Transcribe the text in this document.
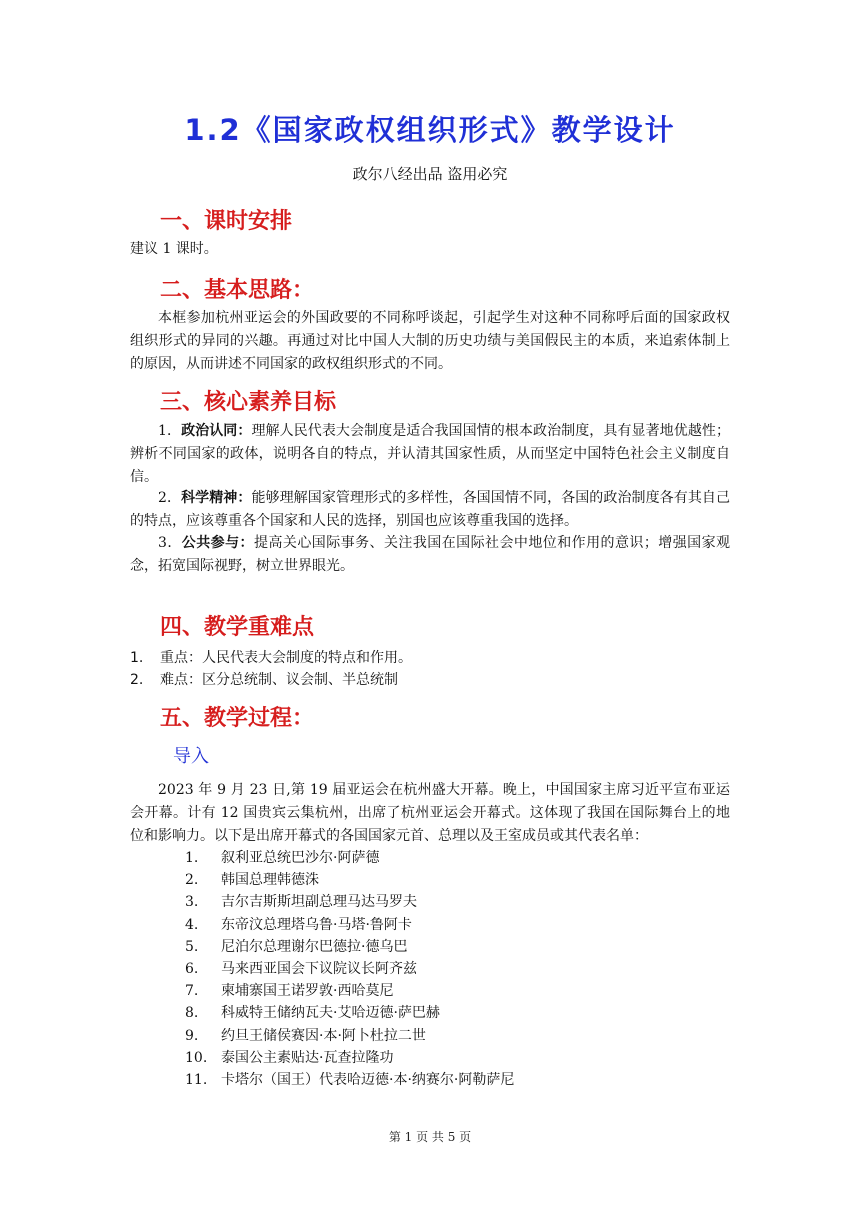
1.2《国家政权组织形式》教学设计
政尔八经出品 盗用必究
一、课时安排

建议 1 课时。

二、基本思路：

本框参加杭州亚运会的外国政要的不同称呼谈起，引起学生对这种不同称呼后面的国家政权组织形式的异同的兴趣。再通过对比中国人大制的历史功绩与美国假民主的本质，来追索体制上的原因，从而讲述不同国家的政权组织形式的不同。

三、核心素养目标

1．政治认同：理解人民代表大会制度是适合我国国情的根本政治制度，具有显著地优越性；辨析不同国家的政体，说明各自的特点，并认清其国家性质，从而坚定中国特色社会主义制度自信。

2．科学精神：能够理解国家管理形式的多样性，各国国情不同，各国的政治制度各有其自己的特点，应该尊重各个国家和人民的选择，别国也应该尊重我国的选择。

3．公共参与：提高关心国际事务、关注我国在国际社会中地位和作用的意识；增强国家观念，拓宽国际视野，树立世界眼光。

四、教学重难点
1.	重点：人民代表大会制度的特点和作用。
2.	难点：区分总统制、议会制、半总统制
五、教学过程：
导入

2023 年 9 月 23 日,第 19 届亚运会在杭州盛大开幕。晚上，中国国家主席习近平宣布亚运会开幕。计有 12 国贵宾云集杭州，出席了杭州亚运会开幕式。这体现了我国在国际舞台上的地位和影响力。以下是出席开幕式的各国国家元首、总理以及王室成员或其代表名单：

1.	叙利亚总统巴沙尔·阿萨德
2.	韩国总理韩德洙
3.	吉尔吉斯斯坦副总理马达马罗夫
4.	东帝汶总理塔乌鲁·马塔·鲁阿卡
5.	尼泊尔总理谢尔巴德拉·德乌巴
6.	马来西亚国会下议院议长阿齐兹
7.	柬埔寨国王诺罗敦·西哈莫尼
8.	科威特王储纳瓦夫·艾哈迈德·萨巴赫
9.	约旦王储侯赛因·本·阿卜杜拉二世
10. 泰国公主素贴达·瓦查拉隆功
11. 卡塔尔（国王）代表哈迈德·本·纳赛尔·阿勒萨尼
第 1 页 共 5 页
